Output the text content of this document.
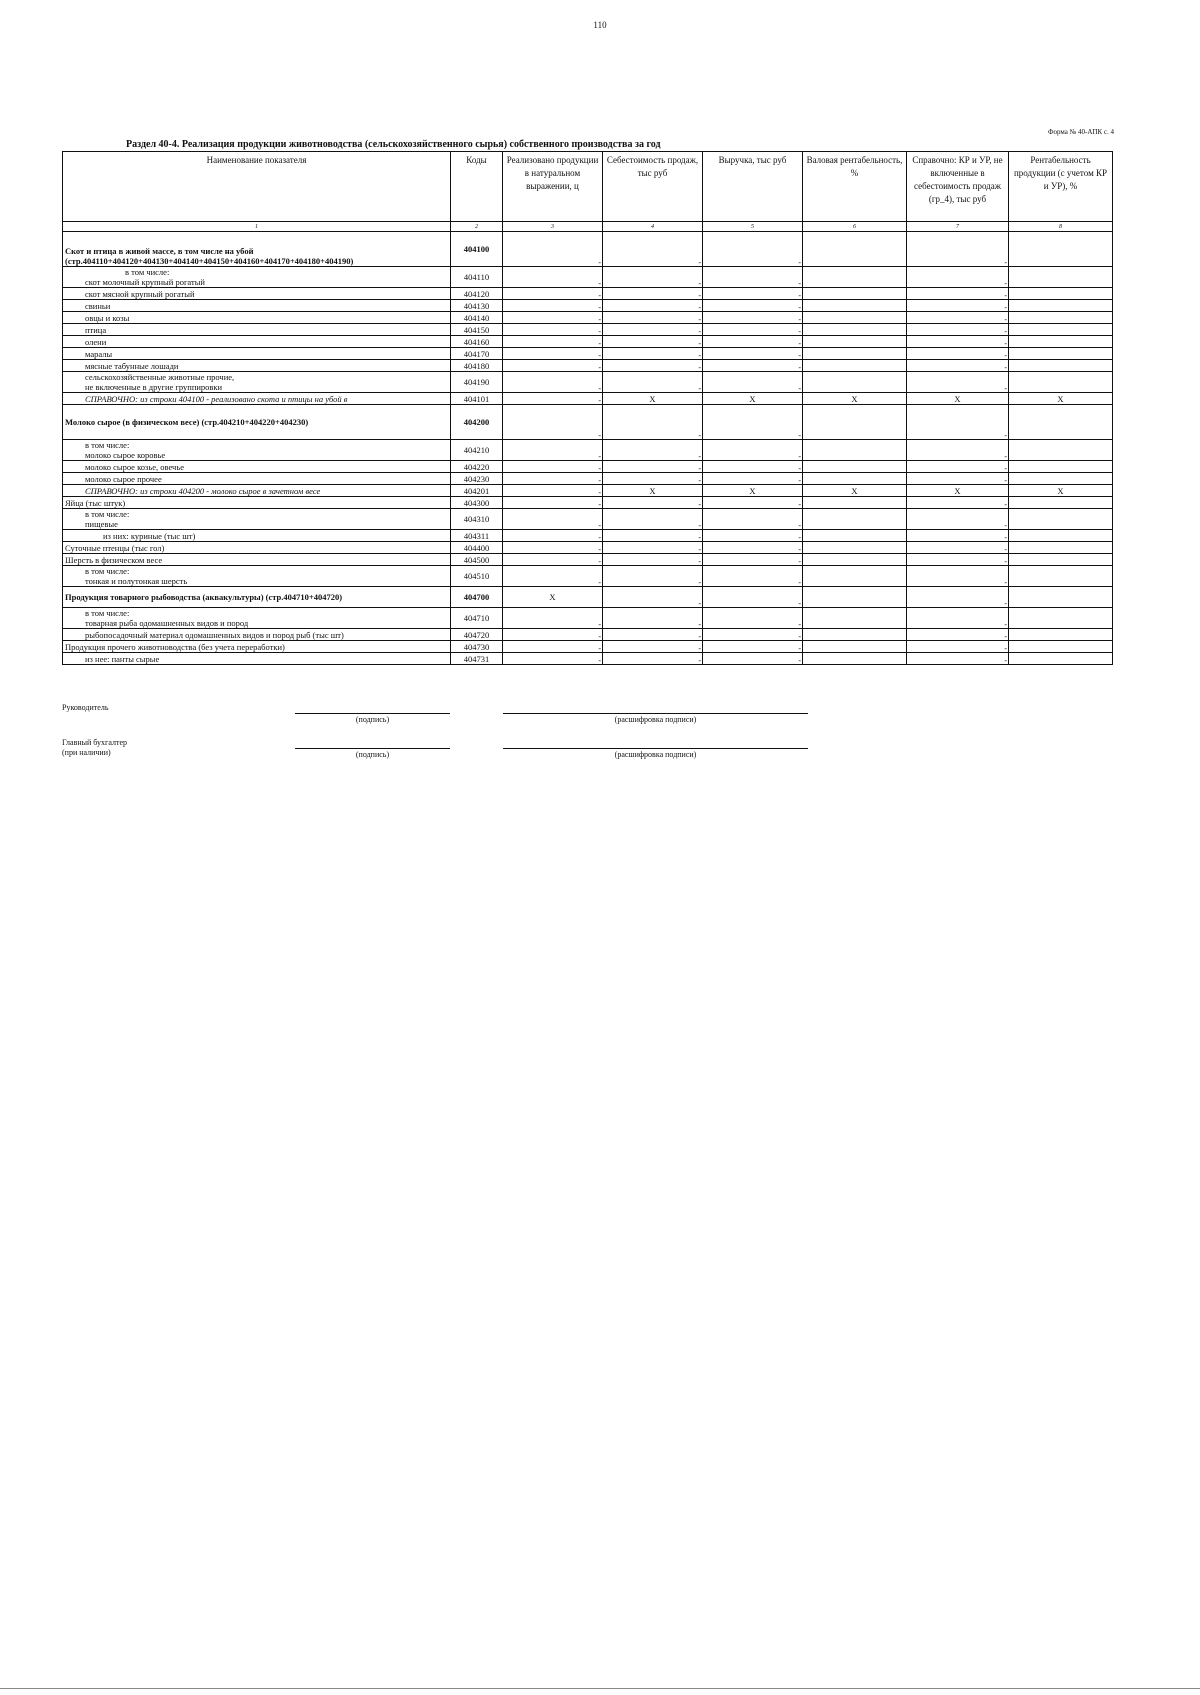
110
Форма № 40-АПК с. 4
Раздел 40-4. Реализация продукции животноводства (сельскохозяйственного сырья) собственного производства за год
Наименование показателя	Коды	Реализовано продукции в натуральном выражении, ц	Себестоимость продаж, тыс руб	Выручка, тыс руб	Валовая рентабельность, %	Справочно: КР и УР, не включенные в себестоимость продаж (гр_4), тыс руб	Рентабельность продукции (с учетом КР и УР), %
1	2	3	4	5	6	7	8
Скот и птица в живой массе, в том числе на убой (стр.404110+404120+404130+404140+404150+404160+404170+404180+404190)	404100	-	-	-		-	

в том числе:
скот молочный крупный рогатый	404110	-	-	-		-	
скот мясной крупный рогатый	404120	-	-	-		-	
свиньи	404130	-	-	-		-	
овцы и козы	404140	-	-	-		-	
птица	404150	-	-	-		-	
олени	404160	-	-	-		-	
маралы	404170	-	-	-		-	
мясные табунные лошади	404180	-	-	-		-	

сельскохозяйственные животные прочие,
не включенные в другие группировки	404190	-	-	-		-	
СПРАВОЧНО: из строки 404100 - реализовано скота и птицы на убой в	404101	-	X	X	X	X	X
Молоко сырое (в физическом весе) (стр.404210+404220+404230)	404200	-	-	-		-	

в том числе:
молоко сырое коровье	404210	-	-	-		-	
молоко сырое козье, овечье	404220	-	-	-		-	
молоко сырое прочее	404230	-	-	-		-	
СПРАВОЧНО: из строки 404200 - молоко сырое в зачетном весе	404201	-	X	X	X	X	X
Яйца (тыс штук)	404300	-	-	-		-	

в том числе:
пищевые	404310	-	-	-		-	
из них: куриные (тыс шт)	404311	-	-	-		-	
Суточные птенцы (тыс гол)	404400	-	-	-		-	
Шерсть в физическом весе	404500	-	-	-		-	

в том числе:
тонкая и полутонкая шерсть	404510	-	-	-		-	
Продукция товарного рыбоводства (аквакультуры) (стр.404710+404720)	404700	X	-	-		-	

в том числе:
товарная рыба одомашненных видов и пород	404710	-	-	-		-	
рыбопосадочный материал одомашненных видов и пород рыб (тыс шт)	404720	-	-	-		-	
Продукция прочего животноводства (без учета переработки)	404730	-	-	-		-	
из нее: панты сырые	404731	-	-	-		-	
Руководитель
(подпись)	(расшифровка подписи)
Главный бухгалтер
(при наличии)	(подпись)	(расшифровка подписи)
